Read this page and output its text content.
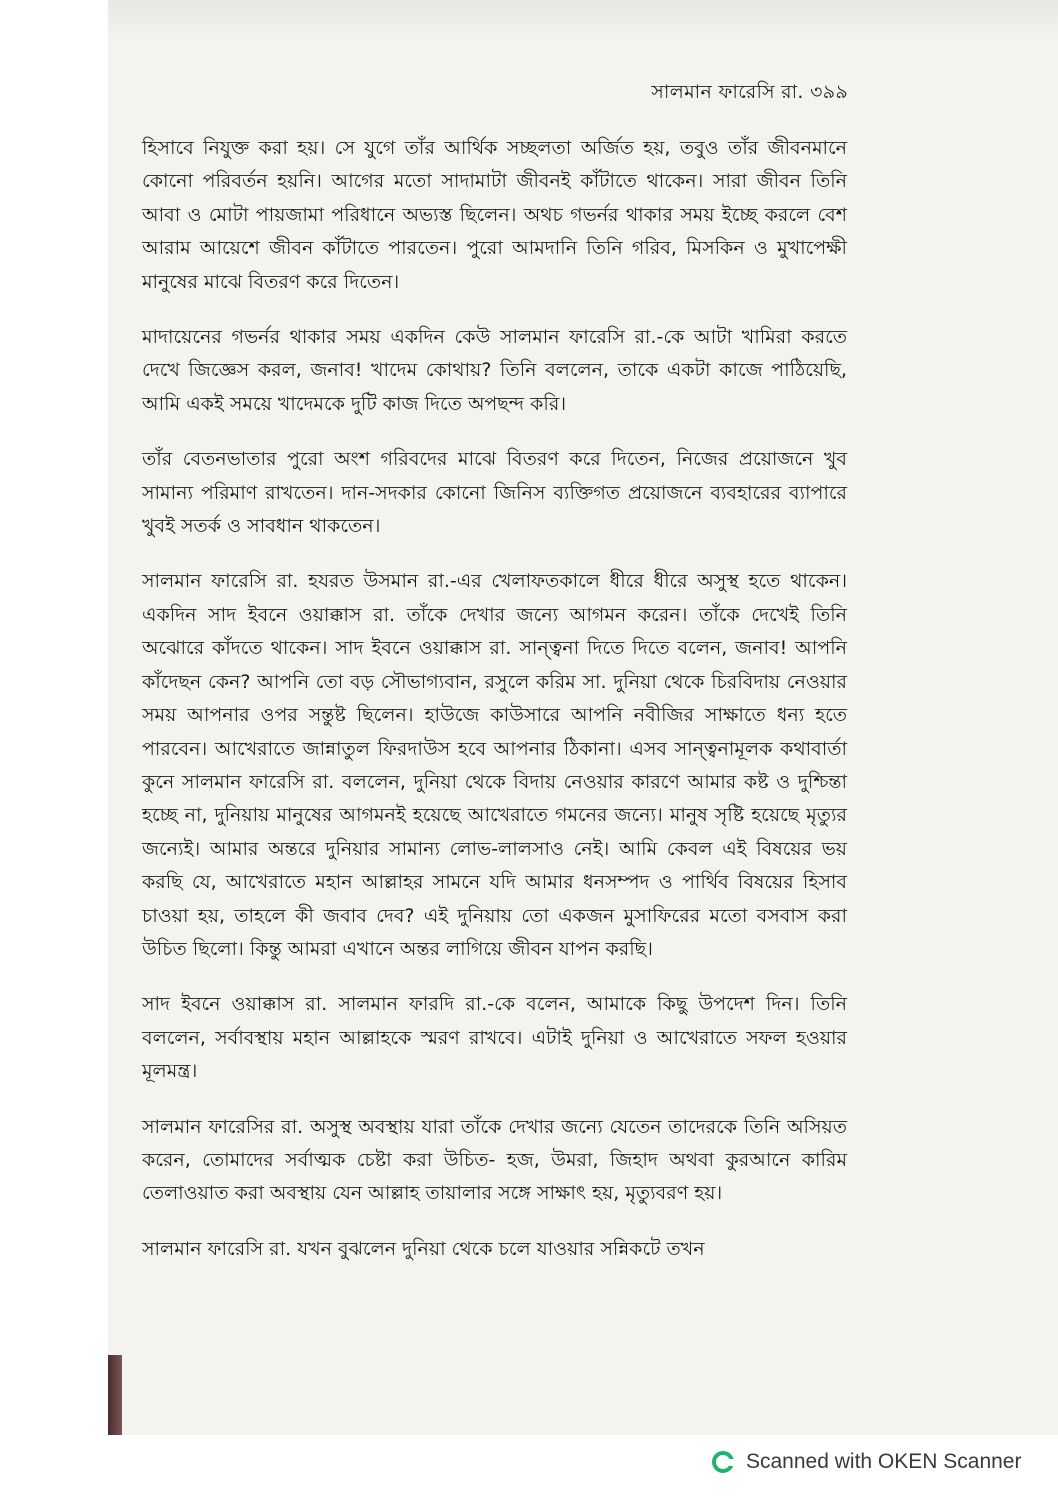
সালমান ফারেসি রা. ৩৯৯

হিসাবে নিযুক্ত করা হয়। সে যুগে তাঁর আর্থিক সচ্ছলতা অর্জিত হয়, তবুও তাঁর জীবনমানে কোনো পরিবর্তন হয়নি। আগের মতো সাদামাটা জীবনই কাঁটাতে থাকেন। সারা জীবন তিনি আবা ও মোটা পায়জামা পরিধানে অভ্যস্ত ছিলেন। অথচ গভর্নর থাকার সময় ইচ্ছে করলে বেশ আরাম আয়েশে জীবন কাঁটাতে পারতেন। পুরো আমদানি তিনি গরিব, মিসকিন ও মুখাপেক্ষী মানুষের মাঝে বিতরণ করে দিতেন।

মাদায়েনের গভর্নর থাকার সময় একদিন কেউ সালমান ফারেসি রা.-কে আটা খামিরা করতে দেখে জিজ্ঞেস করল, জনাব! খাদেম কোথায়? তিনি বললেন, তাকে একটা কাজে পাঠিয়েছি, আমি একই সময়ে খাদেমকে দুটি কাজ দিতে অপছন্দ করি।

তাঁর বেতনভাতার পুরো অংশ গরিবদের মাঝে বিতরণ করে দিতেন, নিজের প্রয়োজনে খুব সামান্য পরিমাণ রাখতেন। দান-সদকার কোনো জিনিস ব্যক্তিগত প্রয়োজনে ব্যবহারের ব্যাপারে খুবই সতর্ক ও সাবধান থাকতেন।

সালমান ফারেসি রা. হযরত উসমান রা.-এর খেলাফতকালে ধীরে ধীরে অসুস্থ হতে থাকেন। একদিন সাদ ইবনে ওয়াক্কাস রা. তাঁকে দেখার জন্যে আগমন করেন। তাঁকে দেখেই তিনি অঝোরে কাঁদতে থাকেন। সাদ ইবনে ওয়াক্কাস রা. সান্ত্বনা দিতে দিতে বলেন, জনাব! আপনি কাঁদেছন কেন? আপনি তো বড় সৌভাগ্যবান, রসুলে করিম সা. দুনিয়া থেকে চিরবিদায় নেওয়ার সময় আপনার ওপর সন্তুষ্ট ছিলেন। হাউজে কাউসারে আপনি নবীজির সাক্ষাতে ধন্য হতে পারবেন। আখেরাতে জান্নাতুল ফিরদাউস হবে আপনার ঠিকানা। এসব সান্ত্বনামূলক কথাবার্তা কুনে সালমান ফারেসি রা. বললেন, দুনিয়া থেকে বিদায় নেওয়ার কারণে আমার কষ্ট ও দুশ্চিন্তা হচ্ছে না, দুনিয়ায় মানুষের আগমনই হয়েছে আখেরাতে গমনের জন্যে। মানুষ সৃষ্টি হয়েছে মৃত্যুর জন্যেই। আমার অন্তরে দুনিয়ার সামান্য লোভ-লালসাও নেই। আমি কেবল এই বিষয়ের ভয় করছি যে, আখেরাতে মহান আল্লাহর সামনে যদি আমার ধনসম্পদ ও পার্থিব বিষয়ের হিসাব চাওয়া হয়, তাহলে কী জবাব দেব? এই দুনিয়ায় তো একজন মুসাফিরের মতো বসবাস করা উচিত ছিলো। কিন্তু আমরা এখানে অন্তর লাগিয়ে জীবন যাপন করছি।

সাদ ইবনে ওয়াক্কাস রা. সালমান ফারদি রা.-কে বলেন, আমাকে কিছু উপদেশ দিন। তিনি বললেন, সর্বাবস্থায় মহান আল্লাহকে স্মরণ রাখবে। এটাই দুনিয়া ও আখেরাতে সফল হওয়ার মূলমন্ত্র।

সালমান ফারেসির রা. অসুস্থ অবস্থায় যারা তাঁকে দেখার জন্যে যেতেন তাদেরকে তিনি অসিয়ত করেন, তোমাদের সর্বাত্মক চেষ্টা করা উচিত- হজ, উমরা, জিহাদ অথবা কুরআনে কারিম তেলাওয়াত করা অবস্থায় যেন আল্লাহ তায়ালার সঙ্গে সাক্ষাৎ হয়, মৃত্যুবরণ হয়।

সালমান ফারেসি রা. যখন বুঝলেন দুনিয়া থেকে চলে যাওয়ার সন্নিকটে তখন

Scanned with OKEN Scanner
